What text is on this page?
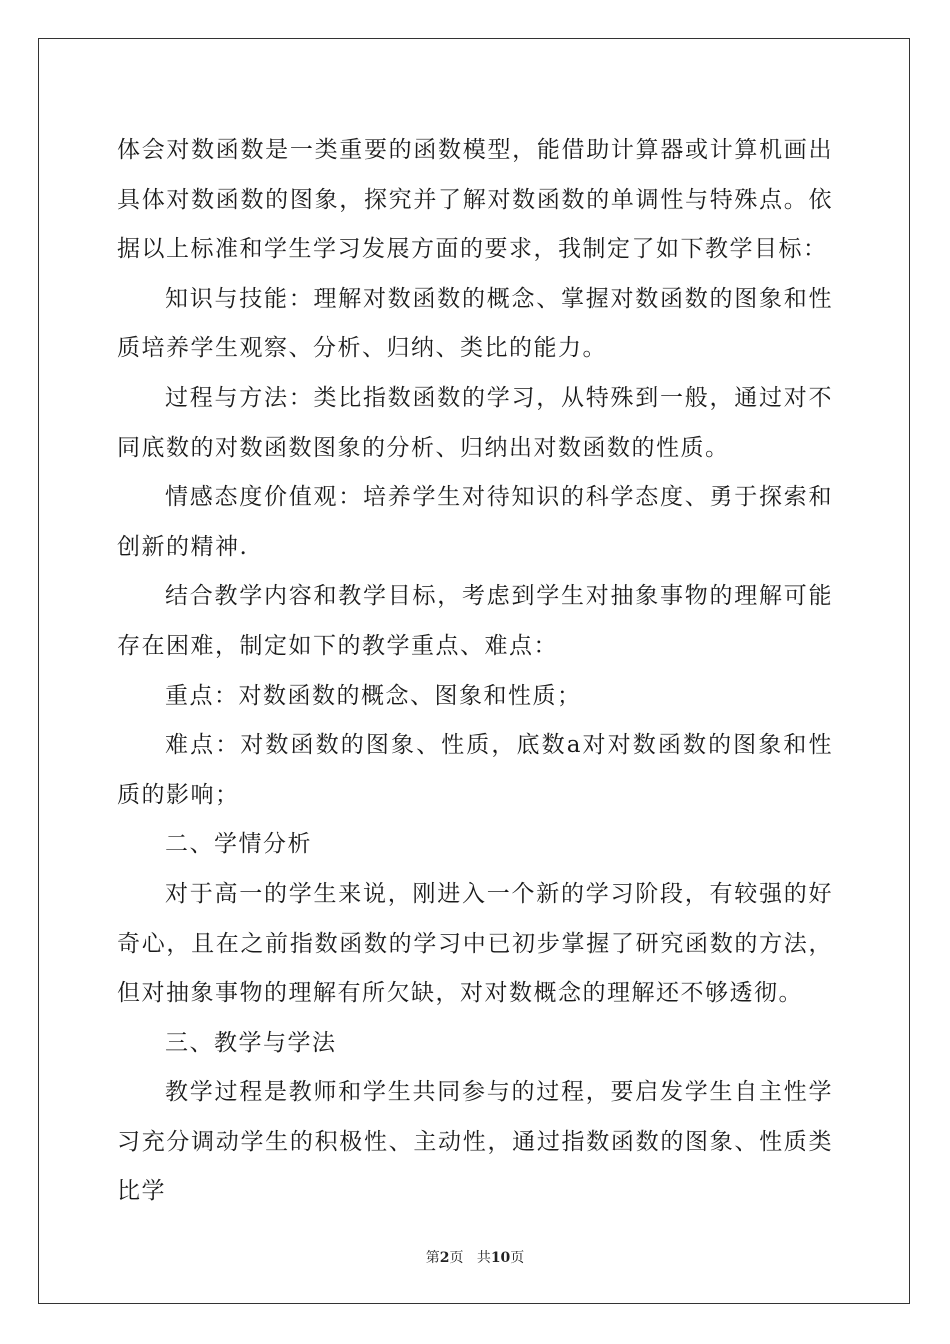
体会对数函数是一类重要的函数模型，能借助计算器或计算机画出具体对数函数的图象，探究并了解对数函数的单调性与特殊点。依据以上标准和学生学习发展方面的要求，我制定了如下教学目标：

知识与技能：理解对数函数的概念、掌握对数函数的图象和性质培养学生观察、分析、归纳、类比的能力。

过程与方法：类比指数函数的学习，从特殊到一般，通过对不同底数的对数函数图象的分析、归纳出对数函数的性质。

情感态度价值观：培养学生对待知识的科学态度、勇于探索和创新的精神.

结合教学内容和教学目标，考虑到学生对抽象事物的理解可能存在困难，制定如下的教学重点、难点：

重点：对数函数的概念、图象和性质；

难点：对数函数的图象、性质，底数a对对数函数的图象和性质的影响；

二、学情分析

对于高一的学生来说，刚进入一个新的学习阶段，有较强的好奇心，且在之前指数函数的学习中已初步掌握了研究函数的方法，但对抽象事物的理解有所欠缺，对对数概念的理解还不够透彻。

三、教学与学法

教学过程是教师和学生共同参与的过程，要启发学生自主性学习充分调动学生的积极性、主动性，通过指数函数的图象、性质类比学

第2页 共10页
